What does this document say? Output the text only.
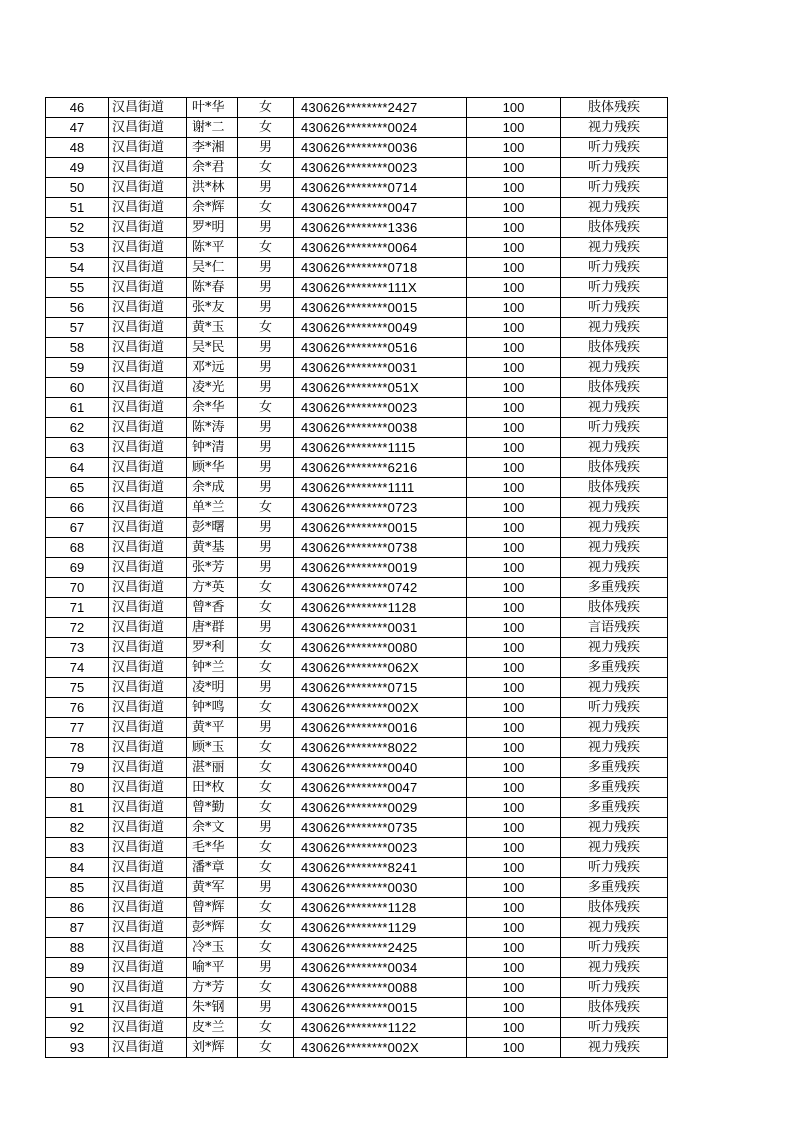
46	汉昌街道	叶*华	女	430626********2427	100	肢体残疾
47	汉昌街道	谢*二	女	430626********0024	100	视力残疾
48	汉昌街道	李*湘	男	430626********0036	100	听力残疾
49	汉昌街道	余*君	女	430626********0023	100	听力残疾
50	汉昌街道	洪*林	男	430626********0714	100	听力残疾
51	汉昌街道	余*辉	女	430626********0047	100	视力残疾
52	汉昌街道	罗*明	男	430626********1336	100	肢体残疾
53	汉昌街道	陈*平	女	430626********0064	100	视力残疾
54	汉昌街道	吴*仁	男	430626********0718	100	听力残疾
55	汉昌街道	陈*春	男	430626********111X	100	听力残疾
56	汉昌街道	张*友	男	430626********0015	100	听力残疾
57	汉昌街道	黄*玉	女	430626********0049	100	视力残疾
58	汉昌街道	吴*民	男	430626********0516	100	肢体残疾
59	汉昌街道	邓*远	男	430626********0031	100	视力残疾
60	汉昌街道	凌*光	男	430626********051X	100	肢体残疾
61	汉昌街道	余*华	女	430626********0023	100	视力残疾
62	汉昌街道	陈*涛	男	430626********0038	100	听力残疾
63	汉昌街道	钟*清	男	430626********1115	100	视力残疾
64	汉昌街道	顾*华	男	430626********6216	100	肢体残疾
65	汉昌街道	余*成	男	430626********1111	100	肢体残疾
66	汉昌街道	单*兰	女	430626********0723	100	视力残疾
67	汉昌街道	彭*曙	男	430626********0015	100	视力残疾
68	汉昌街道	黄*基	男	430626********0738	100	视力残疾
69	汉昌街道	张*芳	男	430626********0019	100	视力残疾
70	汉昌街道	方*英	女	430626********0742	100	多重残疾
71	汉昌街道	曾*香	女	430626********1128	100	肢体残疾
72	汉昌街道	唐*群	男	430626********0031	100	言语残疾
73	汉昌街道	罗*利	女	430626********0080	100	视力残疾
74	汉昌街道	钟*兰	女	430626********062X	100	多重残疾
75	汉昌街道	凌*明	男	430626********0715	100	视力残疾
76	汉昌街道	钟*鸣	女	430626********002X	100	听力残疾
77	汉昌街道	黄*平	男	430626********0016	100	视力残疾
78	汉昌街道	顾*玉	女	430626********8022	100	视力残疾
79	汉昌街道	湛*丽	女	430626********0040	100	多重残疾
80	汉昌街道	田*枚	女	430626********0047	100	多重残疾
81	汉昌街道	曾*勤	女	430626********0029	100	多重残疾
82	汉昌街道	余*文	男	430626********0735	100	视力残疾
83	汉昌街道	毛*华	女	430626********0023	100	视力残疾
84	汉昌街道	潘*章	女	430626********8241	100	听力残疾
85	汉昌街道	黄*军	男	430626********0030	100	多重残疾
86	汉昌街道	曾*辉	女	430626********1128	100	肢体残疾
87	汉昌街道	彭*辉	女	430626********1129	100	视力残疾
88	汉昌街道	冷*玉	女	430626********2425	100	听力残疾
89	汉昌街道	喻*平	男	430626********0034	100	视力残疾
90	汉昌街道	方*芳	女	430626********0088	100	听力残疾
91	汉昌街道	朱*钢	男	430626********0015	100	肢体残疾
92	汉昌街道	皮*兰	女	430626********1122	100	听力残疾
93	汉昌街道	刘*辉	女	430626********002X	100	视力残疾
